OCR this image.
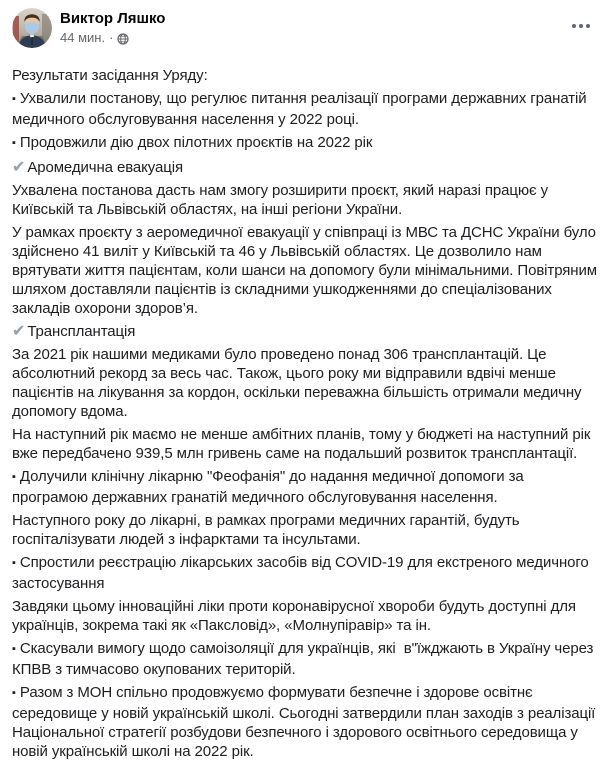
Виктор Ляшко
44 мин. ·

Результати засідання Уряду:

▪ Ухвалили постанову, що регулює питання реалізації програми державних гранатій медичного обслуговування населення у 2022 році.

▪ Продовжили дію двох пілотних проєктів на 2022 рік

✔ Аромедична евакуація

Ухвалена постанова дасть нам змогу розширити проєкт, який наразі працює у Київській та Львівській областях, на інші регіони України.

У рамках проєкту з аеромедичної евакуації у співпраці із МВС та ДСНС України було здійснено 41 виліт у Київській та 46 у Львівській областях. Це дозволило нам врятувати життя пацієнтам, коли шанси на допомогу були мінімальними. Повітряним шляхом доставляли пацієнтів із складними ушкодженнями до спеціалізованих закладів охорони здоров’я.

✔ Трансплантація

За 2021 рік нашими медиками було проведено понад 306 трансплантацій. Це абсолютний рекорд за весь час. Також, цього року ми відправили вдвічі менше пацієнтів на лікування за кордон, оскільки переважна більшість отримали медичну допомогу вдома.

На наступний рік маємо не менше амбітних планів, тому у бюджеті на наступний рік вже передбачено 939,5 млн гривень саме на подальший розвиток трансплантації.

▪ Долучили клінічну лікарню "Феофанія" до надання медичної допомоги за програмою державних гранатій медичного обслуговування населення.

Наступного року до лікарні, в рамках програми медичних гарантій, будуть госпіталізувати людей з інфарктами та інсультами.

▪ Спростили реєстрацію лікарських засобів від COVID-19 для екстреного медичного застосування

Завдяки цьому інноваційні ліки проти коронавірусної хвороби будуть доступні для українців, зокрема такі як «Паксловід», «Молнупіравір» та ін.

▪ Скасували вимогу щодо самоізоляції для українців, які  в"їжджають в Україну через КПВВ з тимчасово окупованих територій.

▪ Разом з МОН спільно продовжуємо формувати безпечне і здорове освітнє середовище у новій українській школі. Сьогодні затвердили план заходів з реалізації Національної стратегії розбудови безпечного і здорового освітнього середовища у новій українській школі на 2022 рік.
